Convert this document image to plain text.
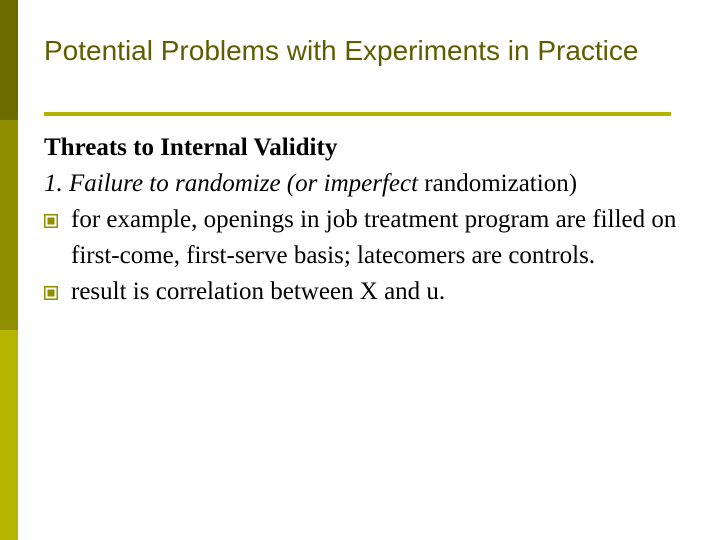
Potential Problems with Experiments in Practice
Threats to Internal Validity
1. Failure to randomize (or imperfect randomization)
for example, openings in job treatment program are filled on first-come, first-serve basis; latecomers are controls.
result is correlation between X and u.
